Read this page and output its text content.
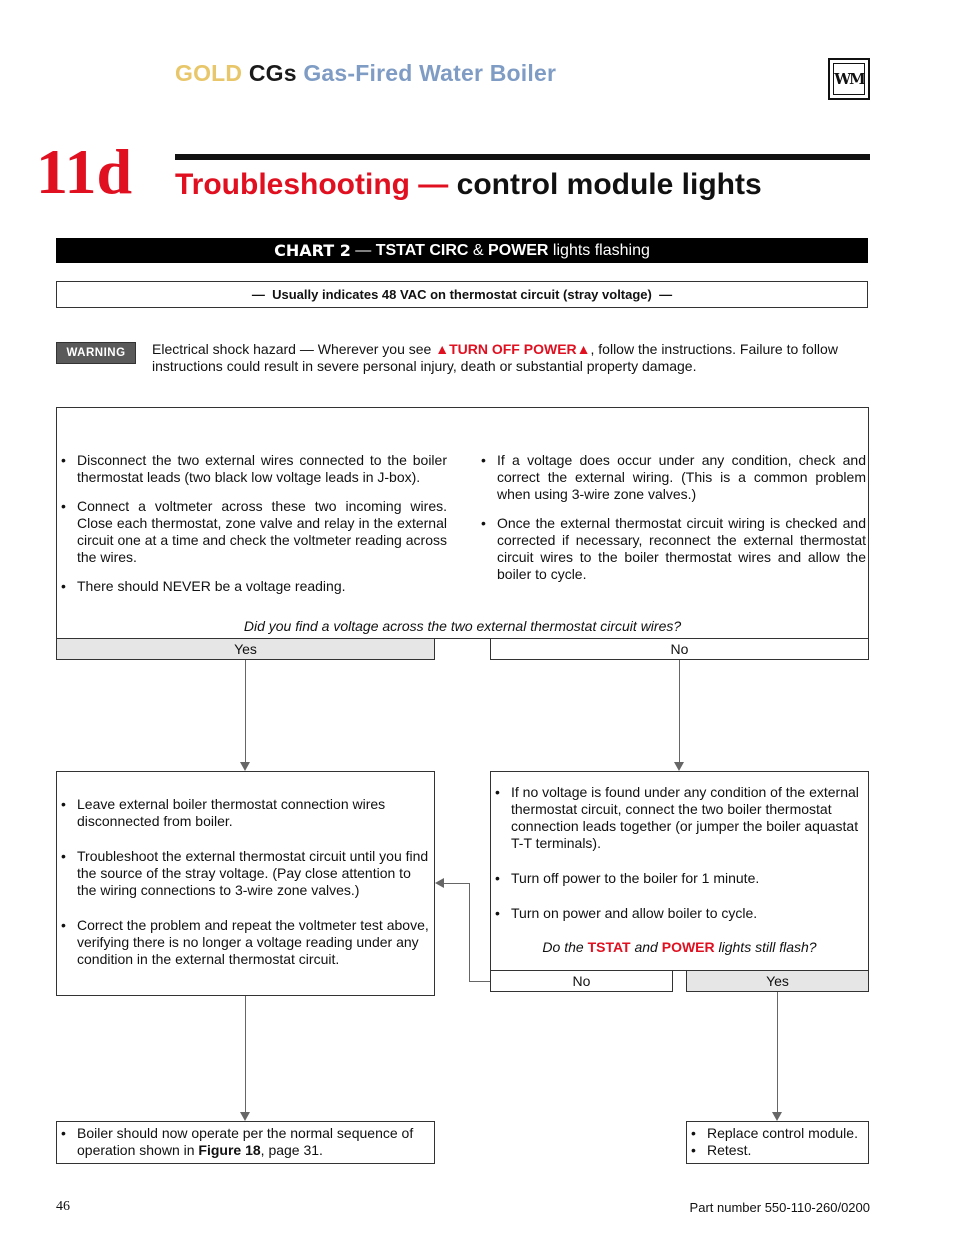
GOLD CGs Gas-Fired Water Boiler	WM
11d Troubleshooting — control module lights
CHART 2 — TSTAT CIRC & POWER lights flashing
—  Usually indicates 48 VAC on thermostat circuit (stray voltage)  —
WARNING	Electrical shock hazard — Wherever you see ▲TURN OFF POWER▲, follow the instructions. Failure to follow instructions could result in severe personal injury, death or substantial property damage.
• Disconnect the two external wires connected to the boiler thermostat leads (two black low voltage leads in J-box).
• Connect a voltmeter across these two incoming wires. Close each thermostat, zone valve and relay in the external circuit one at a time and check the voltmeter reading across the wires.
• There should NEVER be a voltage reading.
• If a voltage does occur under any condition, check and correct the external wiring. (This is a common problem when using 3-wire zone valves.)
• Once the external thermostat circuit wiring is checked and corrected if necessary, reconnect the external thermostat circuit wires to the boiler thermostat wires and allow the boiler to cycle.
Did you find a voltage across the two external thermostat circuit wires?
Yes	No
• Leave external boiler thermostat connection wires disconnected from boiler.
• Troubleshoot the external thermostat circuit until you find the source of the stray voltage. (Pay close attention to the wiring connections to 3-wire zone valves.)
• Correct the problem and repeat the voltmeter test above, verifying there is no longer a voltage reading under any condition in the external thermostat circuit.
• If no voltage is found under any condition of the external thermostat circuit, connect the two boiler thermostat connection leads together (or jumper the boiler aquastat T-T terminals).
• Turn off power to the boiler for 1 minute.
• Turn on power and allow boiler to cycle.
Do the TSTAT and POWER lights still flash?
No	Yes
• Boiler should now operate per the normal sequence of operation shown in Figure 18, page 31.
• Replace control module.
• Retest.
46	Part number 550-110-260/0200
